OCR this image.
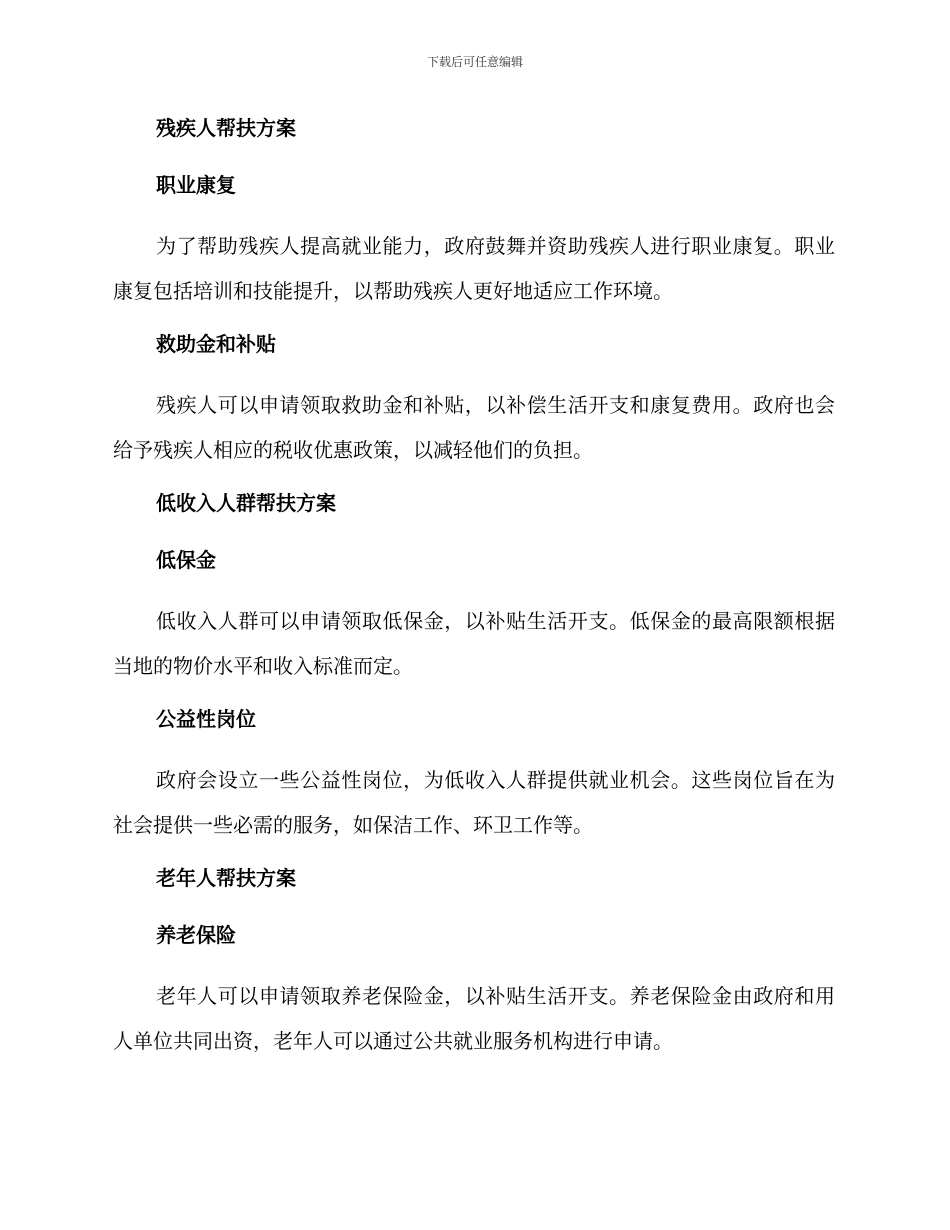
下载后可任意编辑
残疾人帮扶方案
职业康复
为了帮助残疾人提高就业能力，政府鼓舞并资助残疾人进行职业康复。职业康复包括培训和技能提升，以帮助残疾人更好地适应工作环境。
救助金和补贴
残疾人可以申请领取救助金和补贴，以补偿生活开支和康复费用。政府也会给予残疾人相应的税收优惠政策，以减轻他们的负担。
低收入人群帮扶方案
低保金
低收入人群可以申请领取低保金，以补贴生活开支。低保金的最高限额根据当地的物价水平和收入标准而定。
公益性岗位
政府会设立一些公益性岗位，为低收入人群提供就业机会。这些岗位旨在为社会提供一些必需的服务，如保洁工作、环卫工作等。
老年人帮扶方案
养老保险
老年人可以申请领取养老保险金，以补贴生活开支。养老保险金由政府和用人单位共同出资，老年人可以通过公共就业服务机构进行申请。
